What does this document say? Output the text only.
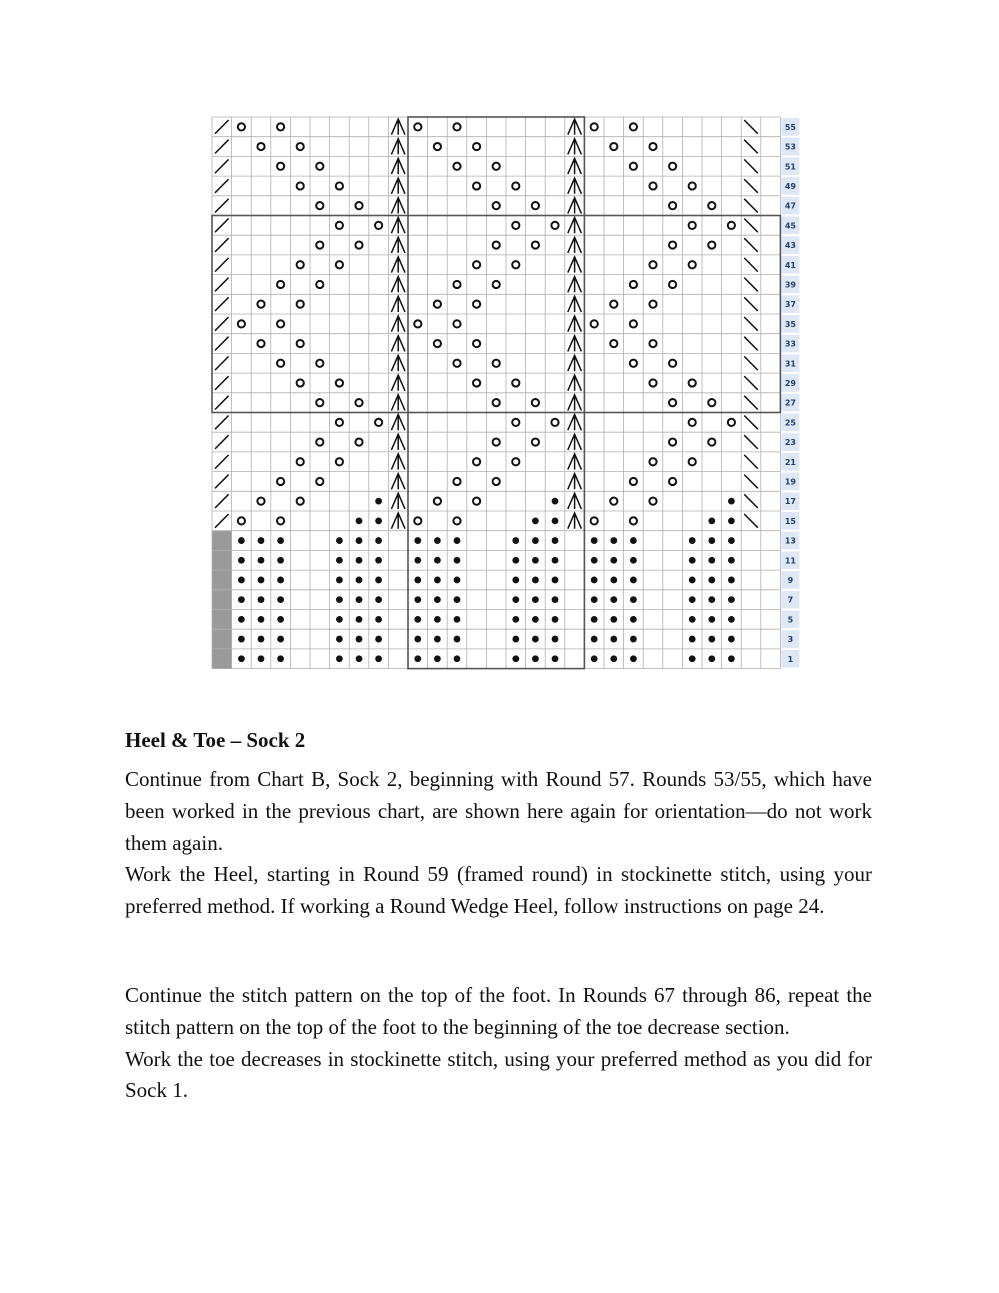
55
53
51
49
47
45
43
41
39
37
35
33
31
29
27
25
23
21
19
17
15
13
11
9
7
5
3
1
Heel & Toe – Sock 2

Continue from Chart B, Sock 2, beginning with Round 57. Rounds 53/55, which have been worked in the previous chart, are shown here again for orientation—do not work them again.

Work the Heel, starting in Round 59 (framed round) in stockinette stitch, using your preferred method. If working a Round Wedge Heel, follow instructions on page 24.

Continue the stitch pattern on the top of the foot. In Rounds 67 through 86, repeat the stitch pattern on the top of the foot to the beginning of the toe decrease section.

Work the toe decreases in stockinette stitch, using your preferred method as you did for Sock 1.
